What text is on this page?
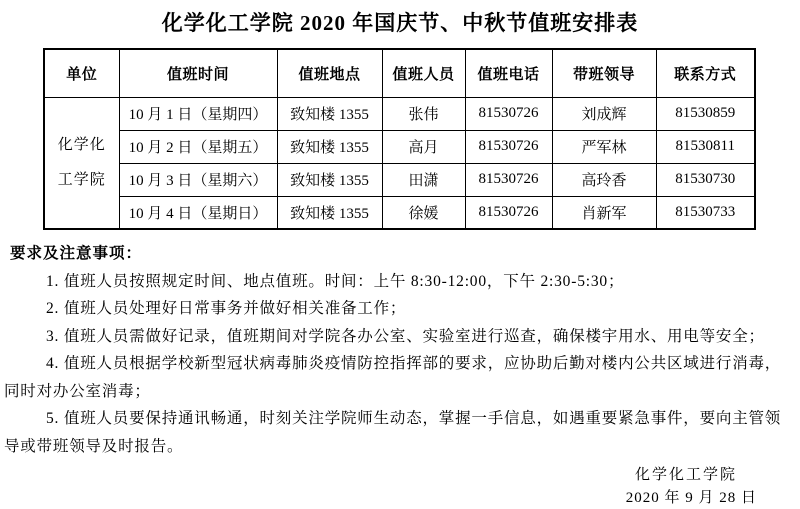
化学化工学院 2020 年国庆节、中秋节值班安排表
单位	值班时间	值班地点	值班人员	值班电话	带班领导	联系方式
化学化工学院	10 月 1 日（星期四）	致知楼 1355	张伟	81530726	刘成辉	81530859
	10 月 2 日（星期五）	致知楼 1355	高月	81530726	严军林	81530811
	10 月 3 日（星期六）	致知楼 1355	田潇	81530726	高玲香	81530730
	10 月 4 日（星期日）	致知楼 1355	徐媛	81530726	肖新军	81530733
要求及注意事项：
1. 值班人员按照规定时间、地点值班。时间：上午 8:30-12:00，下午 2:30-5:30；
2. 值班人员处理好日常事务并做好相关准备工作；
3. 值班人员需做好记录，值班期间对学院各办公室、实验室进行巡查，确保楼宇用水、用电等安全；
4. 值班人员根据学校新型冠状病毒肺炎疫情防控指挥部的要求，应协助后勤对楼内公共区域进行消毒，同时对办公室消毒；
5. 值班人员要保持通讯畅通，时刻关注学院师生动态，掌握一手信息，如遇重要紧急事件，要向主管领导或带班领导及时报告。
化学化工学院
2020 年 9 月 28 日
